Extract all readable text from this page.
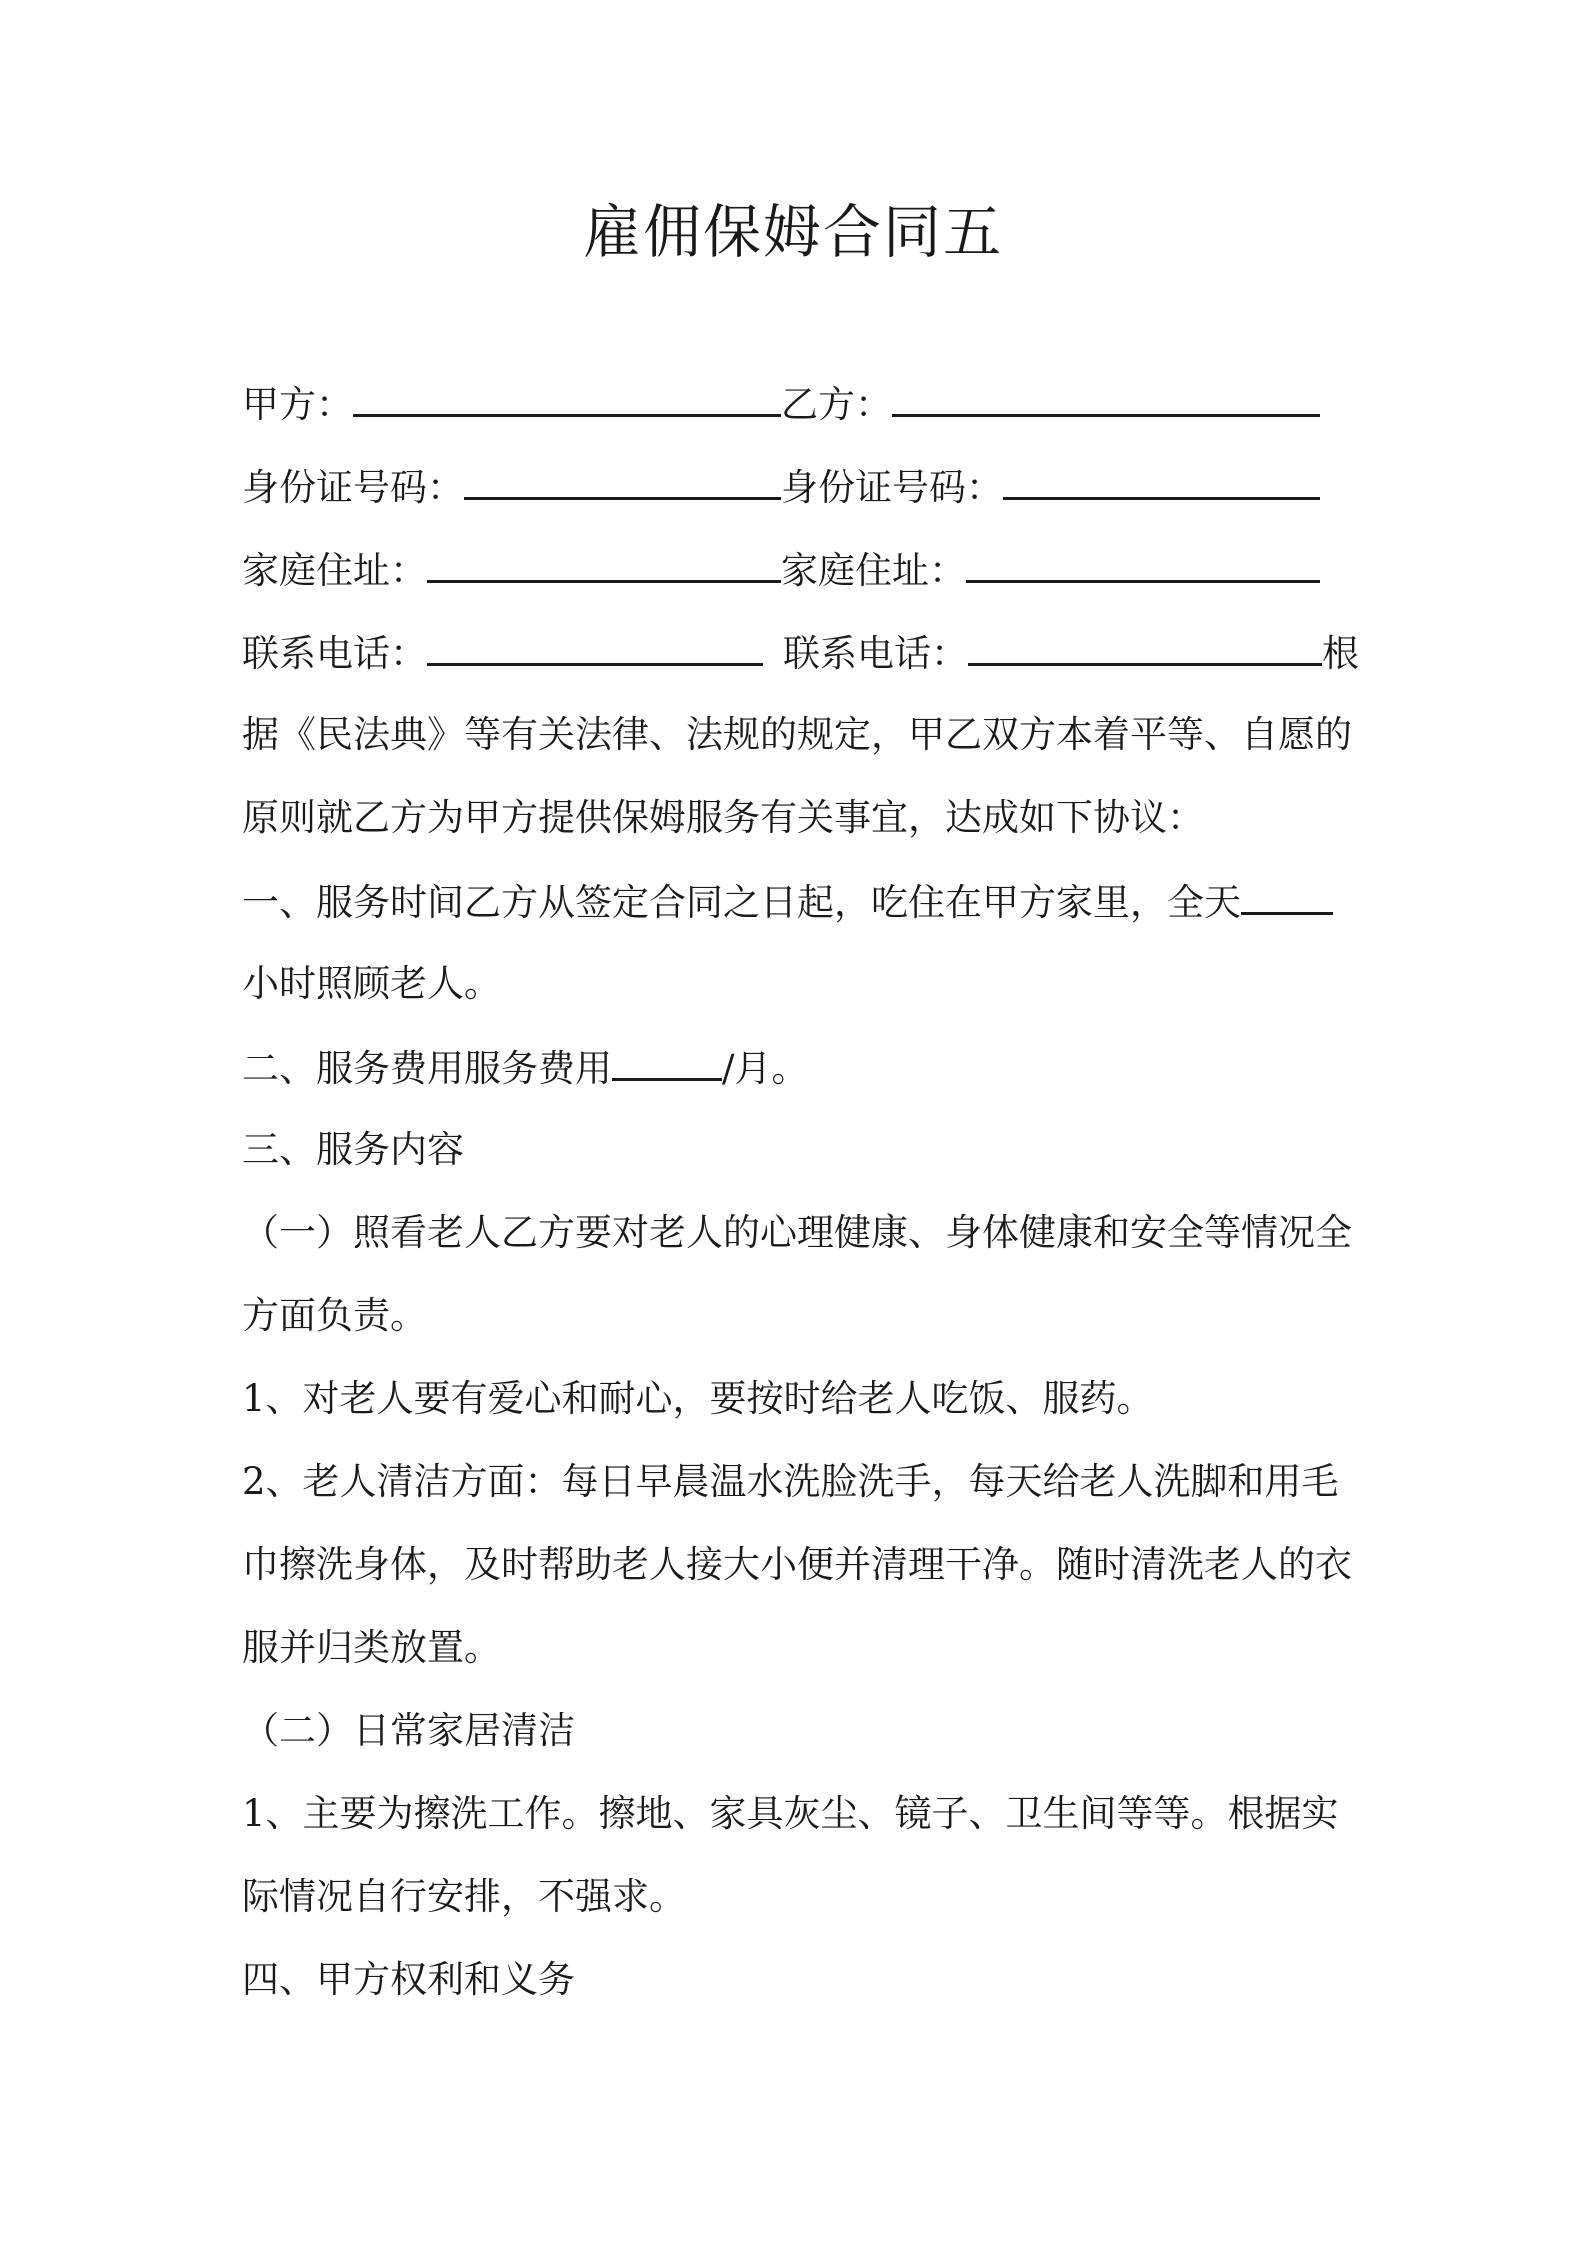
雇佣保姆合同五
甲方：	乙方：
身份证号码：	身份证号码：
家庭住址：	家庭住址：
联系电话：	联系电话：	根
据《民法典》等有关法律、法规的规定，甲乙双方本着平等、自愿的
原则就乙方为甲方提供保姆服务有关事宜，达成如下协议：
一、服务时间乙方从签定合同之日起，吃住在甲方家里，全天
小时照顾老人。
二、服务费用服务费用	/月。
三、服务内容
（一）照看老人乙方要对老人的心理健康、身体健康和安全等情况全
方面负责。
1、对老人要有爱心和耐心，要按时给老人吃饭、服药。
2、老人清洁方面：每日早晨温水洗脸洗手，每天给老人洗脚和用毛
巾擦洗身体，及时帮助老人接大小便并清理干净。随时清洗老人的衣
服并归类放置。
（二）日常家居清洁
1、主要为擦洗工作。擦地、家具灰尘、镜子、卫生间等等。根据实
际情况自行安排，不强求。
四、甲方权利和义务
